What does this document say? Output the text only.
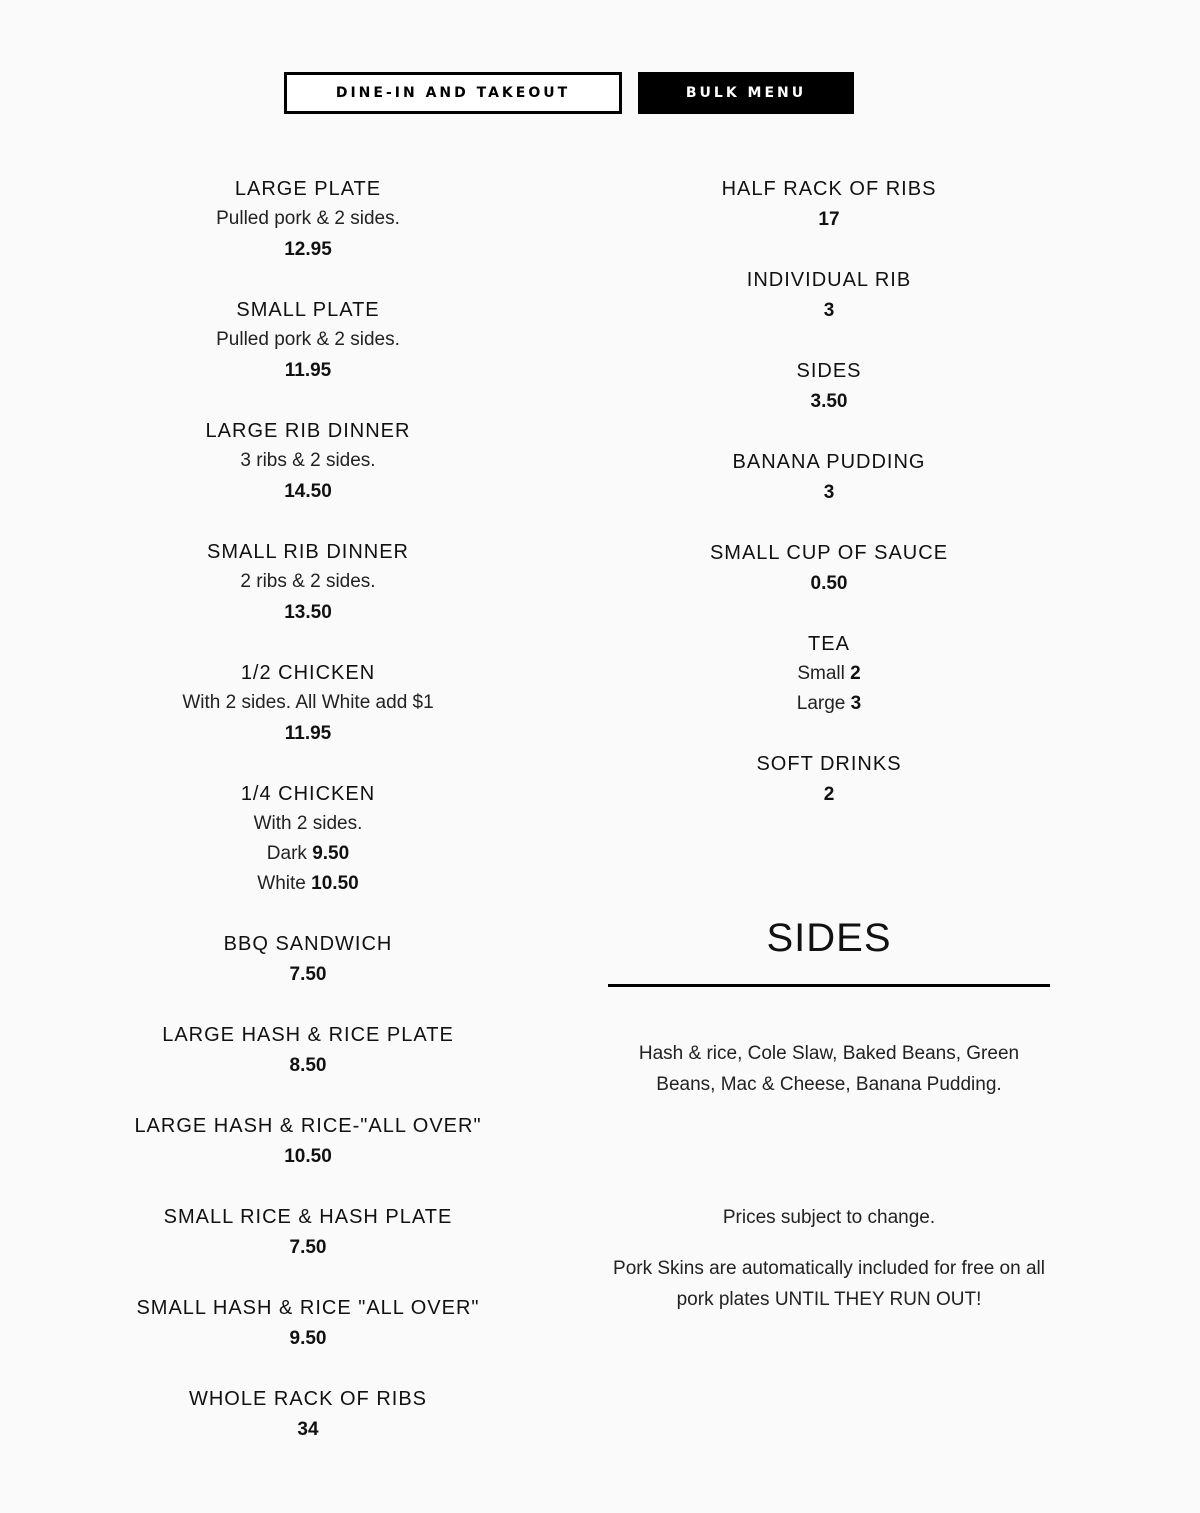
DINE-IN AND TAKEOUT	BULK MENU
LARGE PLATE
Pulled pork & 2 sides.
12.95
SMALL PLATE
Pulled pork & 2 sides.
11.95
LARGE RIB DINNER
3 ribs & 2 sides.
14.50
SMALL RIB DINNER
2 ribs & 2 sides.
13.50
1/2 CHICKEN
With 2 sides. All White add $1
11.95
1/4 CHICKEN
With 2 sides.
Dark 9.50
White 10.50
BBQ SANDWICH
7.50
LARGE HASH & RICE PLATE
8.50
LARGE HASH & RICE-"ALL OVER"
10.50
SMALL RICE & HASH PLATE
7.50
SMALL HASH & RICE "ALL OVER"
9.50
WHOLE RACK OF RIBS
34
HALF RACK OF RIBS
17
INDIVIDUAL RIB
3
SIDES
3.50
BANANA PUDDING
3
SMALL CUP OF SAUCE
0.50
TEA
Small 2
Large 3
SOFT DRINKS
2
SIDES
Hash & rice, Cole Slaw, Baked Beans, Green Beans, Mac & Cheese, Banana Pudding.
Prices subject to change.
Pork Skins are automatically included for free on all pork plates UNTIL THEY RUN OUT!
